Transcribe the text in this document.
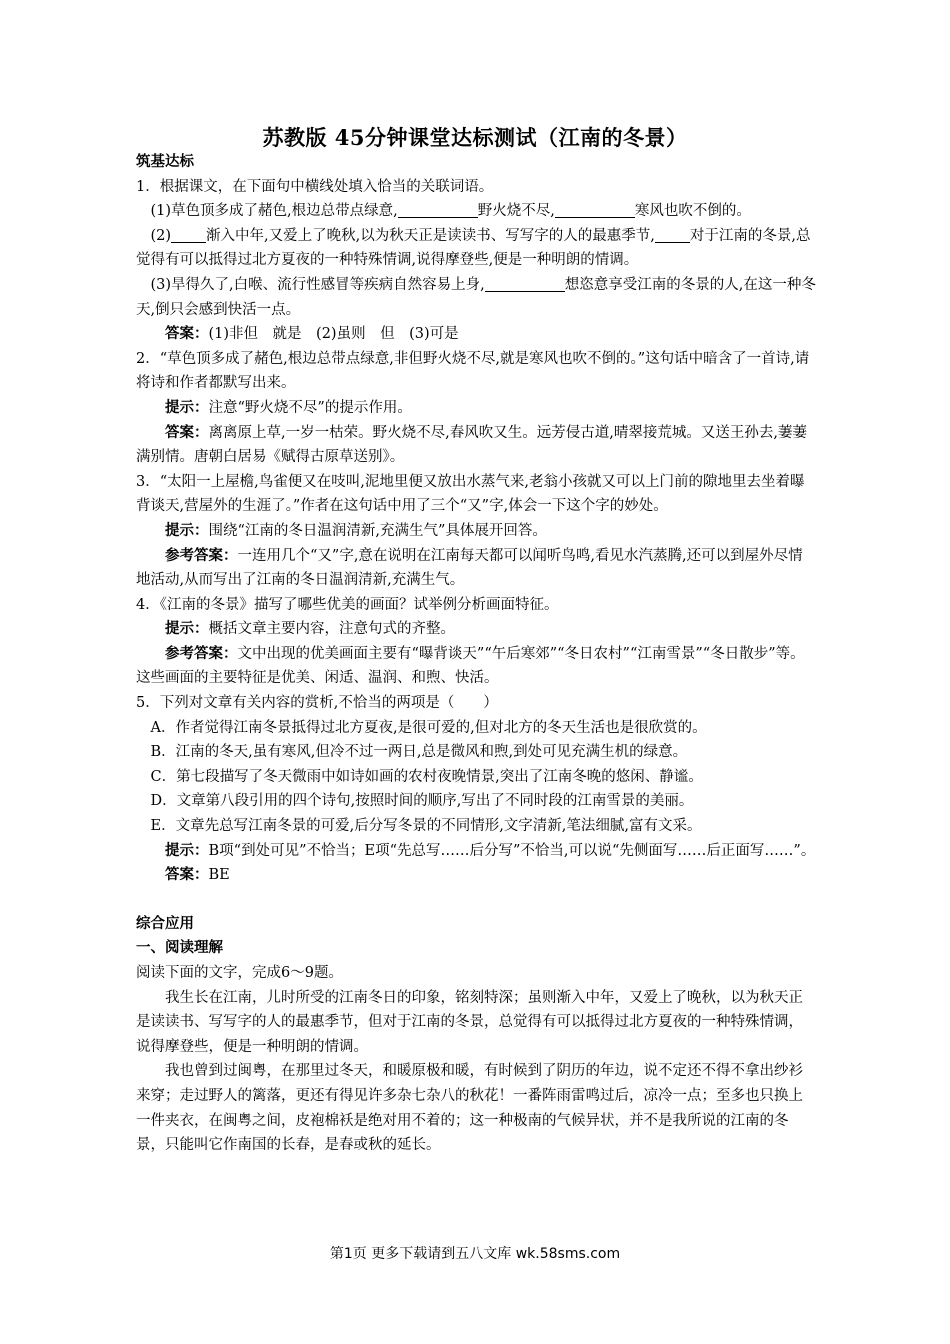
苏教版 45分钟课堂达标测试（江南的冬景）

筑基达标

1．根据课文，在下面句中横线处填入恰当的关联词语。

(1)草色顶多成了赭色,根边总带点绿意,	野火烧不尽,	寒风也吹不倒的。

(2) 渐入中年,又爱上了晚秋,以为秋天正是读读书、写写字的人的最惠季节, 对于江南的冬景,总觉得有可以抵得过北方夏夜的一种特殊情调,说得摩登些,便是一种明朗的情调。

(3)旱得久了,白喉、流行性感冒等疾病自然容易上身,	想恣意享受江南的冬景的人,在这一种冬天,倒只会感到快活一点。

答案：(1)非但　就是　(2)虽则　但　(3)可是

2．“草色顶多成了赭色,根边总带点绿意,非但野火烧不尽,就是寒风也吹不倒的。”这句话中暗含了一首诗,请将诗和作者都默写出来。

提示：注意“野火烧不尽”的提示作用。

答案：离离原上草,一岁一枯荣。野火烧不尽,春风吹又生。远芳侵古道,晴翠接荒城。又送王孙去,萋萋满别情。唐朝白居易《赋得古原草送别》。

3．“太阳一上屋檐,鸟雀便又在吱叫,泥地里便又放出水蒸气来,老翁小孩就又可以上门前的隙地里去坐着曝背谈天,营屋外的生涯了。”作者在这句话中用了三个“又”字,体会一下这个字的妙处。

提示：围绕“江南的冬日温润清新,充满生气”具体展开回答。

参考答案：一连用几个“又”字,意在说明在江南每天都可以闻听鸟鸣,看见水汽蒸腾,还可以到屋外尽情地活动,从而写出了江南的冬日温润清新,充满生气。

4．《江南的冬景》描写了哪些优美的画面？试举例分析画面特征。

提示：概括文章主要内容，注意句式的齐整。

参考答案：文中出现的优美画面主要有“曝背谈天”“午后寒郊”“冬日农村”“江南雪景”“冬日散步”等。这些画面的主要特征是优美、闲适、温润、和煦、快活。

5．下列对文章有关内容的赏析,不恰当的两项是（　　）

A．作者觉得江南冬景抵得过北方夏夜,是很可爱的,但对北方的冬天生活也是很欣赏的。

B．江南的冬天,虽有寒风,但冷不过一两日,总是微风和煦,到处可见充满生机的绿意。

C．第七段描写了冬天微雨中如诗如画的农村夜晚情景,突出了江南冬晚的悠闲、静谧。

D．文章第八段引用的四个诗句,按照时间的顺序,写出了不同时段的江南雪景的美丽。

E．文章先总写江南冬景的可爱,后分写冬景的不同情形,文字清新,笔法细腻,富有文采。

提示：B项“到处可见”不恰当；E项“先总写……后分写”不恰当,可以说“先侧面写……后正面写……”。

答案：BE

综合应用

一、阅读理解

阅读下面的文字，完成6～9题。

我生长在江南，儿时所受的江南冬日的印象，铭刻特深；虽则渐入中年，又爱上了晚秋，以为秋天正是读读书、写写字的人的最惠季节，但对于江南的冬景，总觉得有可以抵得过北方夏夜的一种特殊情调，说得摩登些，便是一种明朗的情调。

我也曾到过闽粤，在那里过冬天，和暖原极和暖，有时候到了阴历的年边，说不定还不得不拿出纱衫来穿；走过野人的篱落，更还有得见许多杂七杂八的秋花！一番阵雨雷鸣过后，凉冷一点；至多也只换上一件夹衣，在闽粤之间，皮袍棉袄是绝对用不着的；这一种极南的气候异状，并不是我所说的江南的冬景，只能叫它作南国的长春，是春或秋的延长。

第1页 更多下载请到五八文库 wk.58sms.com
